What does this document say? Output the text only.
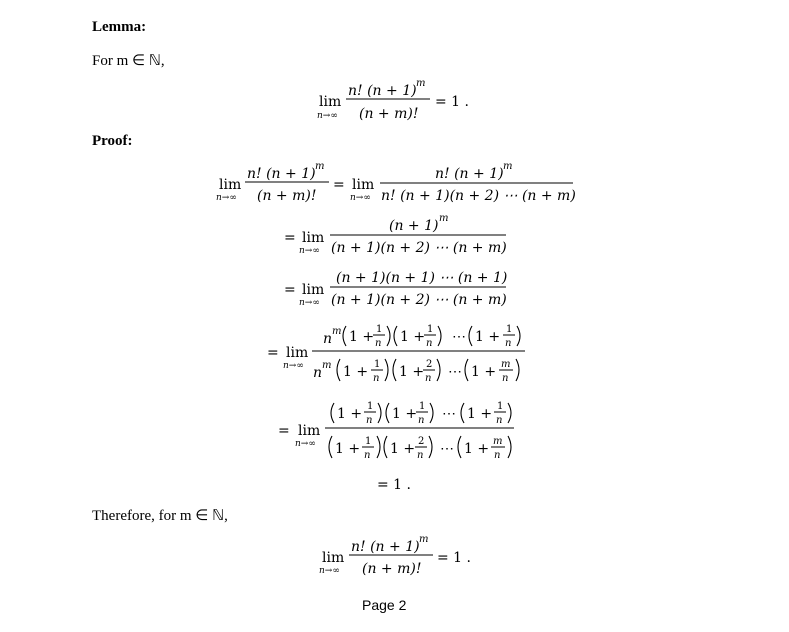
Lemma:
For m ∈ ℕ,
Proof:
Therefore, for m ∈ ℕ,
Page 2
lim
n→∞
n! (n + 1) m
(n + m)!
= 1 .
lim
n→∞
n! (n + 1) m
(n + m)!
= lim
n→∞
n! (n + 1) m
n! (n + 1)(n + 2) ⋯ (n + m)
= lim
n→∞
(n + 1) m
(n + 1)(n + 2) ⋯ (n + m)
= lim
n→∞
(n + 1)(n + 1) ⋯ (n + 1)
(n + 1)(n + 2) ⋯ (n + m)
= lim
n→∞
n m 1 + 1
n 1 + 1
n ⋯ 1 + 1
n
n m 1 + 1
n 1 + 2
n ⋯ 1 + m
n
= lim
n→∞
1 + 1
n 1 + 1
n ⋯ 1 + 1
n
1 + 1
n 1 + 2
n ⋯ 1 + m
n
= 1 .
lim
n→∞
n! (n + 1) m
(n + m)!
= 1 .
